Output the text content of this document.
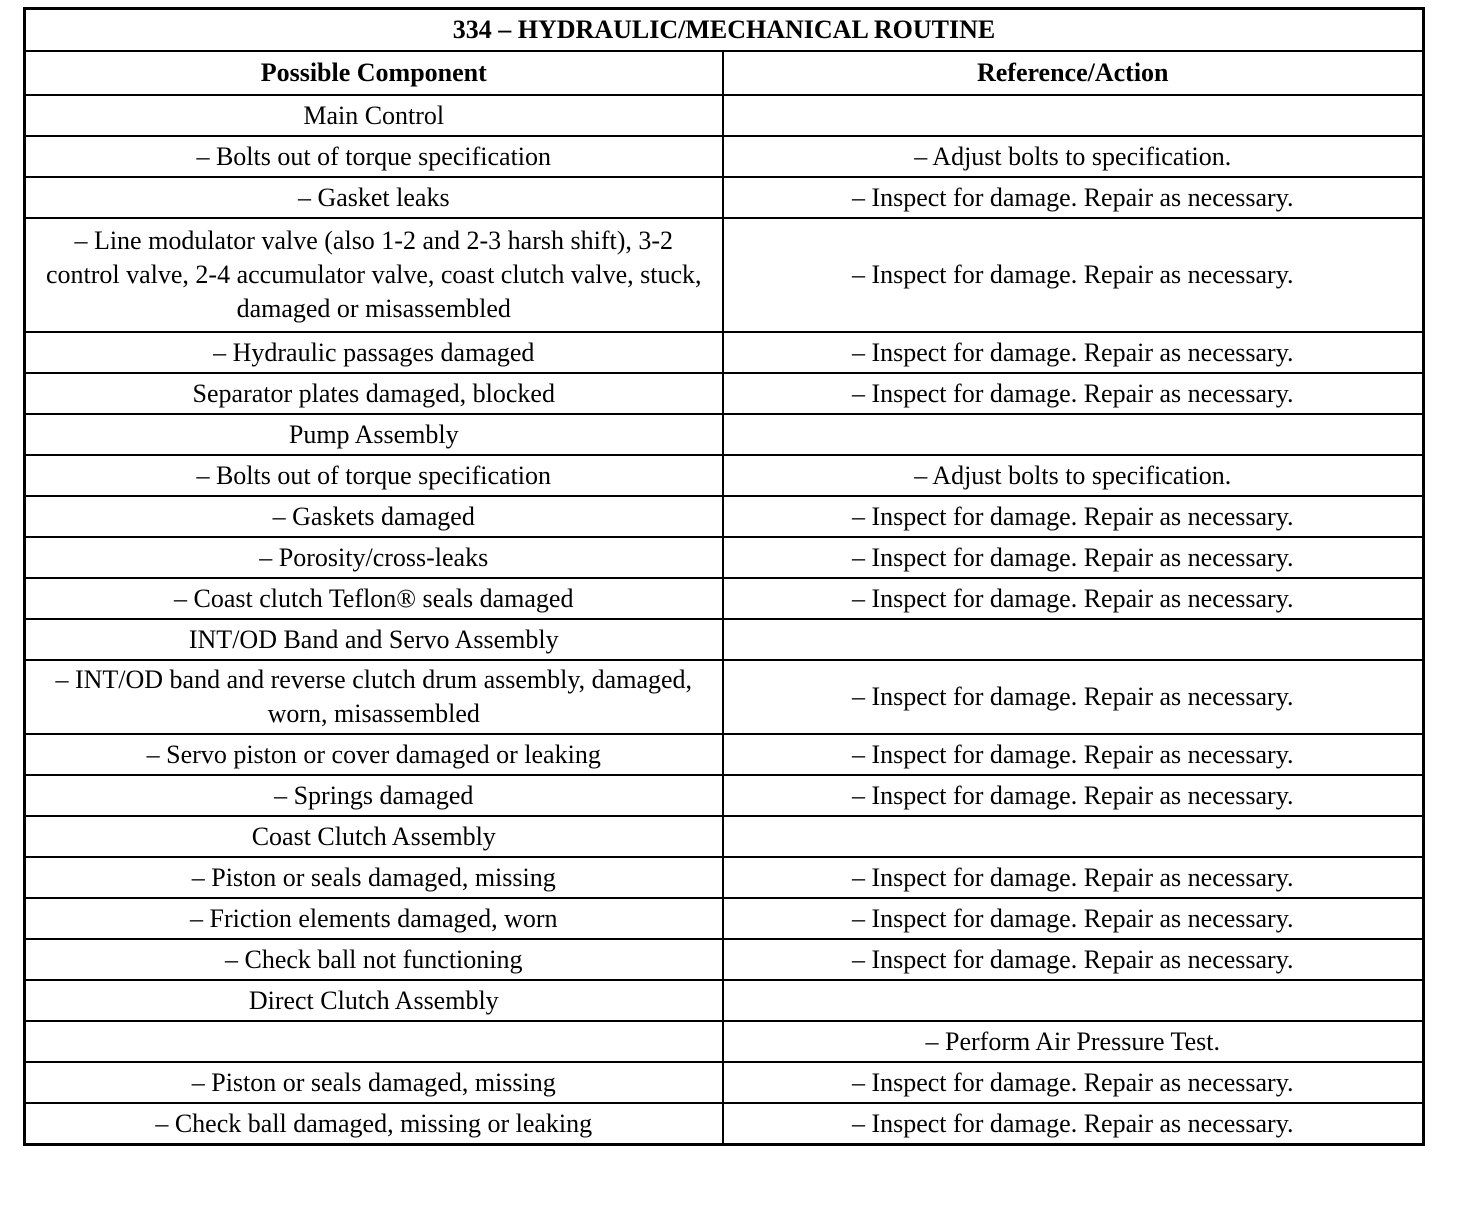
334 – HYDRAULIC/MECHANICAL ROUTINE	
Possible Component	Reference/Action
Main Control	
– Bolts out of torque specification	– Adjust bolts to specification.
– Gasket leaks	– Inspect for damage. Repair as necessary.
– Line modulator valve (also 1-2 and 2-3 harsh shift), 3-2 control valve, 2-4 accumulator valve, coast clutch valve, stuck, damaged or misassembled	– Inspect for damage. Repair as necessary.
– Hydraulic passages damaged	– Inspect for damage. Repair as necessary.
Separator plates damaged, blocked	– Inspect for damage. Repair as necessary.
Pump Assembly	
– Bolts out of torque specification	– Adjust bolts to specification.
– Gaskets damaged	– Inspect for damage. Repair as necessary.
– Porosity/cross-leaks	– Inspect for damage. Repair as necessary.
– Coast clutch Teflon® seals damaged	– Inspect for damage. Repair as necessary.
INT/OD Band and Servo Assembly	
– INT/OD band and reverse clutch drum assembly, damaged, worn, misassembled	– Inspect for damage. Repair as necessary.
– Servo piston or cover damaged or leaking	– Inspect for damage. Repair as necessary.
– Springs damaged	– Inspect for damage. Repair as necessary.
Coast Clutch Assembly	
– Piston or seals damaged, missing	– Inspect for damage. Repair as necessary.
– Friction elements damaged, worn	– Inspect for damage. Repair as necessary.
– Check ball not functioning	– Inspect for damage. Repair as necessary.
Direct Clutch Assembly	
	– Perform Air Pressure Test.
– Piston or seals damaged, missing	– Inspect for damage. Repair as necessary.
– Check ball damaged, missing or leaking	– Inspect for damage. Repair as necessary.
